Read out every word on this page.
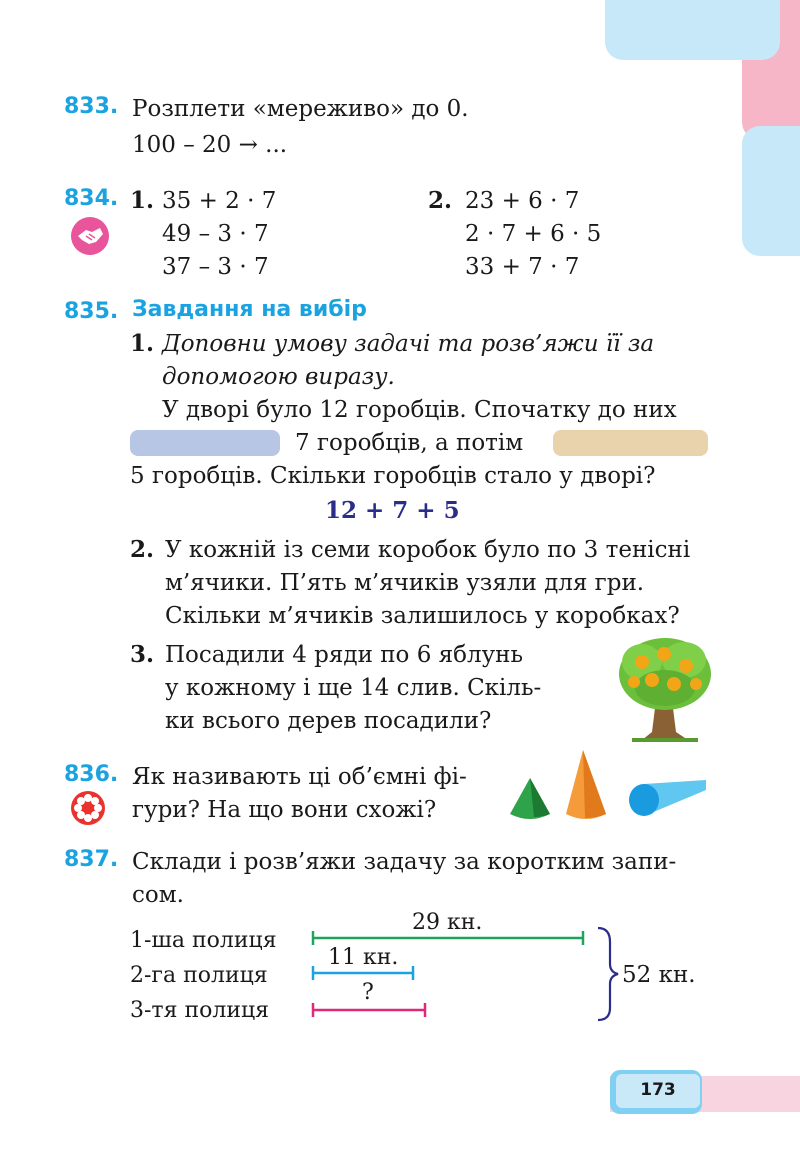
833. Розплети «мереживо» до 0.
100 – 20 → ...
834. 1. 35 + 2 · 7
49 – 3 · 7
37 – 3 · 7
2. 23 + 6 · 7
2 · 7 + 6 · 5
33 + 7 · 7
835. Завдання на вибір
1. Доповни умову задачі та розв’яжи її за
допомогою виразу.
У дворі було 12 горобців. Спочатку до них
7 горобців, а потім
5 горобців. Скільки горобців стало у дворі?
12 + 7 + 5
2. У кожній із семи коробок було по 3 тенісні
м’ячики. П’ять м’ячиків узяли для гри.
Скільки м’ячиків залишилось у коробках?
3. Посадили 4 ряди по 6 яблунь
у кожному і ще 14 слив. Скіль-
ки всього дерев посадили?
836. Як називають ці об’ємні фі-
гури? На що вони схожі?
837. Склади і розв’яжи задачу за коротким запи-
сом.
1-ша полиця
2-га полиця
3-тя полиця
29 кн.
11 кн.
?
52 кн.
173
